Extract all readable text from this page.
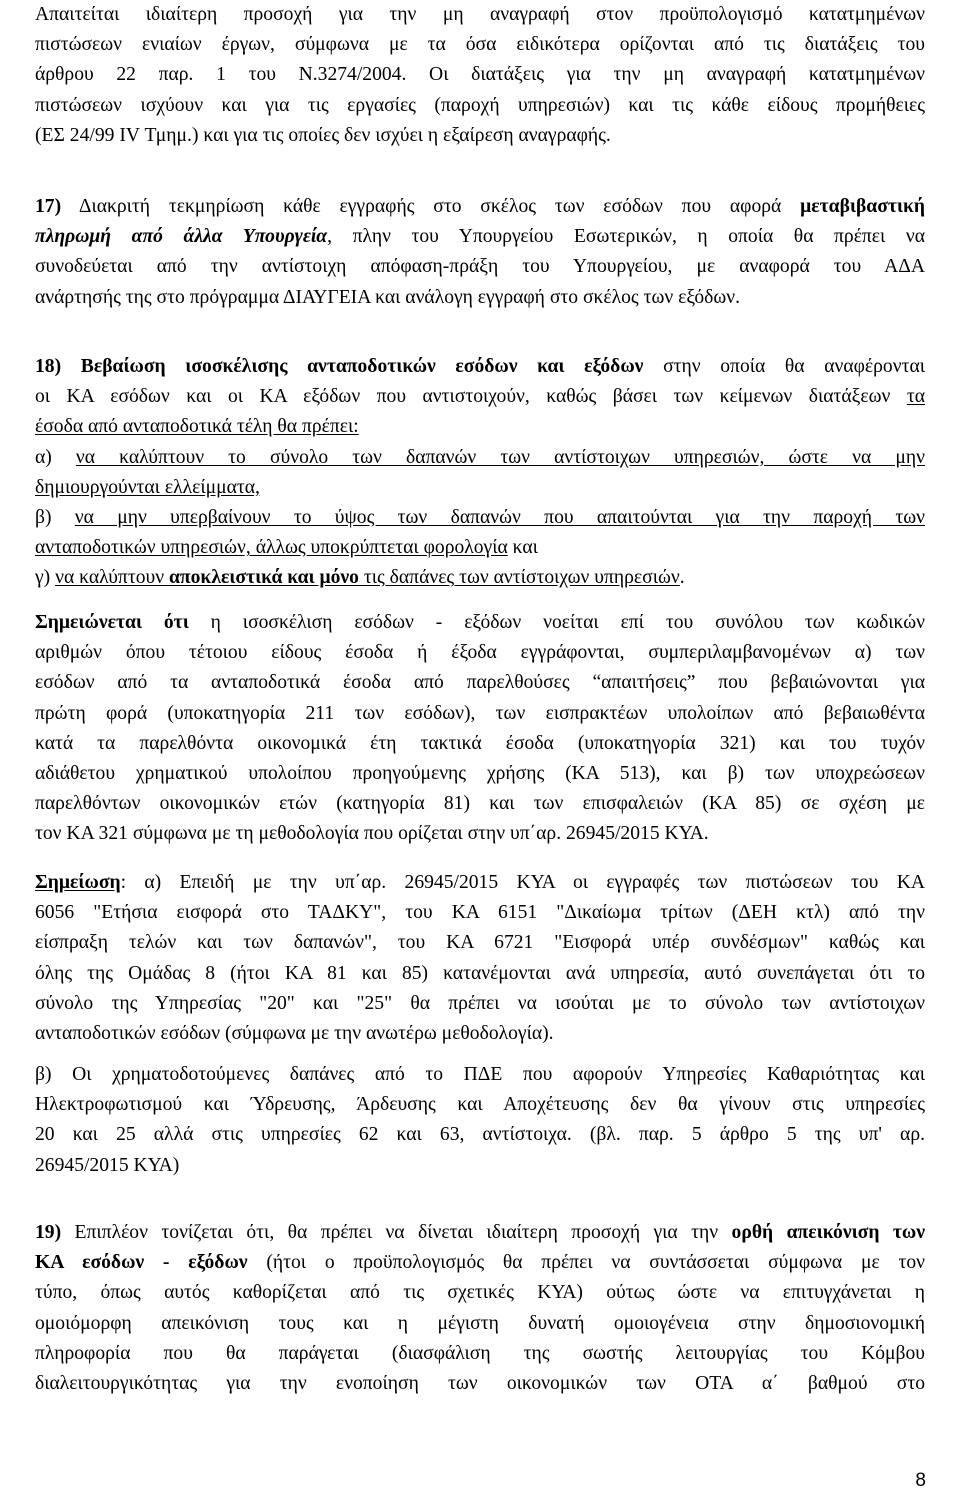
Απαιτείται ιδιαίτερη προσοχή για την μη αναγραφή στον προϋπολογισμό κατατμημένων
πιστώσεων ενιαίων έργων, σύμφωνα με τα όσα ειδικότερα ορίζονται από τις διατάξεις του
άρθρου 22 παρ. 1 του Ν.3274/2004. Οι διατάξεις για την μη αναγραφή κατατμημένων
πιστώσεων ισχύουν και για τις εργασίες (παροχή υπηρεσιών) και τις κάθε είδους προμήθειες
(ΕΣ 24/99 IV Τμημ.) και για τις οποίες δεν ισχύει η εξαίρεση αναγραφής.
17) Διακριτή τεκμηρίωση κάθε εγγραφής στο σκέλος των εσόδων που αφορά μεταβιβαστική
πληρωμή από άλλα Υπουργεία, πλην του Υπουργείου Εσωτερικών, η οποία θα πρέπει να
συνοδεύεται από την αντίστοιχη απόφαση-πράξη του Υπουργείου, με αναφορά του ΑΔΑ
ανάρτησής της στο πρόγραμμα ΔΙΑΥΓΕΙΑ και ανάλογη εγγραφή στο σκέλος των εξόδων.
18) Βεβαίωση ισοσκέλισης ανταποδοτικών εσόδων και εξόδων στην οποία θα αναφέρονται
οι ΚΑ εσόδων και οι ΚΑ εξόδων που αντιστοιχούν, καθώς βάσει των κείμενων διατάξεων τα
έσοδα από ανταποδοτικά τέλη θα πρέπει:
α) να καλύπτουν το σύνολο των δαπανών των αντίστοιχων υπηρεσιών, ώστε να μην
δημιουργούνται ελλείμματα,
β) να μην υπερβαίνουν το ύψος των δαπανών που απαιτούνται για την παροχή των
ανταποδοτικών υπηρεσιών, άλλως υποκρύπτεται φορολογία και
γ) να καλύπτουν αποκλειστικά και μόνο τις δαπάνες των αντίστοιχων υπηρεσιών.
Σημειώνεται ότι η ισοσκέλιση εσόδων - εξόδων νοείται επί του συνόλου των κωδικών
αριθμών όπου τέτοιου είδους έσοδα ή έξοδα εγγράφονται, συμπεριλαμβανομένων α) των
εσόδων από τα ανταποδοτικά έσοδα από παρελθούσες “απαιτήσεις” που βεβαιώνονται για
πρώτη φορά (υποκατηγορία 211 των εσόδων), των εισπρακτέων υπολοίπων από βεβαιωθέντα
κατά τα παρελθόντα οικονομικά έτη τακτικά έσοδα (υποκατηγορία 321) και του τυχόν
αδιάθετου χρηματικού υπολοίπου προηγούμενης χρήσης (ΚΑ 513), και β) των υποχρεώσεων
παρελθόντων οικονομικών ετών (κατηγορία 81) και των επισφαλειών (ΚΑ 85) σε σχέση με
τον ΚΑ 321 σύμφωνα με τη μεθοδολογία που ορίζεται στην υπ΄αρ. 26945/2015 ΚΥΑ.
Σημείωση: α) Επειδή με την υπ΄αρ. 26945/2015 ΚΥΑ οι εγγραφές των πιστώσεων του ΚΑ
6056 "Ετήσια εισφορά στο ΤΑΔΚΥ", του ΚΑ 6151 "Δικαίωμα τρίτων (ΔΕΗ κτλ) από την
είσπραξη τελών και των δαπανών", του ΚΑ 6721 "Εισφορά υπέρ συνδέσμων" καθώς και
όλης της Ομάδας 8 (ήτοι ΚΑ 81 και 85) κατανέμονται ανά υπηρεσία, αυτό συνεπάγεται ότι το
σύνολο της Υπηρεσίας "20" και "25" θα πρέπει να ισούται με το σύνολο των αντίστοιχων
ανταποδοτικών εσόδων (σύμφωνα με την ανωτέρω μεθοδολογία).
β) Οι χρηματοδοτούμενες δαπάνες από το ΠΔΕ που αφορούν Υπηρεσίες Καθαριότητας και
Ηλεκτροφωτισμού και Ύδρευσης, Άρδευσης και Αποχέτευσης δεν θα γίνουν στις υπηρεσίες
20 και 25 αλλά στις υπηρεσίες 62 και 63, αντίστοιχα. (βλ. παρ. 5 άρθρο 5 της υπ' αρ.
26945/2015 ΚΥΑ)
19) Επιπλέον τονίζεται ότι, θα πρέπει να δίνεται ιδιαίτερη προσοχή για την ορθή απεικόνιση των
ΚΑ εσόδων - εξόδων (ήτοι ο προϋπολογισμός θα πρέπει να συντάσσεται σύμφωνα με τον
τύπο, όπως αυτός καθορίζεται από τις σχετικές ΚΥΑ) ούτως ώστε να επιτυγχάνεται η
ομοιόμορφη απεικόνιση τους και η μέγιστη δυνατή ομοιογένεια στην δημοσιονομική
πληροφορία που θα παράγεται (διασφάλιση της σωστής λειτουργίας του Κόμβου
διαλειτουργικότητας για την ενοποίηση των οικονομικών των ΟΤΑ α΄ βαθμού στο
8
